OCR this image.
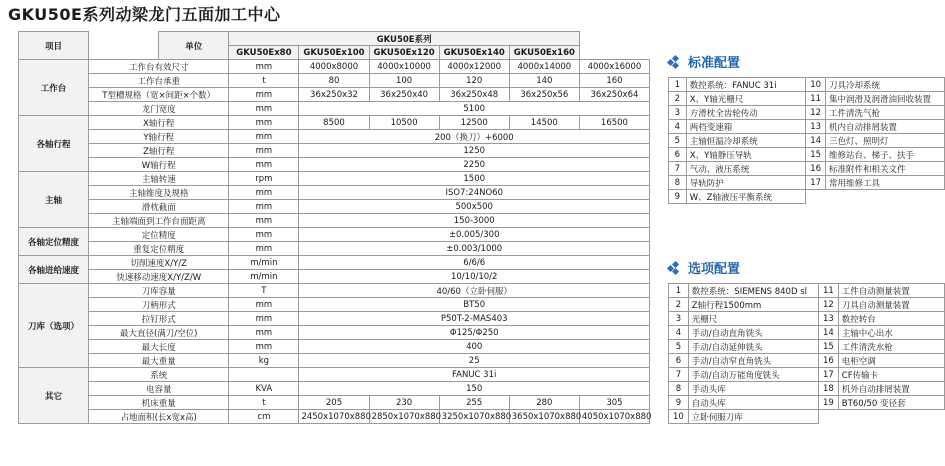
GKU50E系列动梁龙门五面加工中心
项目		单位	GKU50E系列					
			GKU50Ex80	GKU50Ex100	GKU50Ex120	GKU50Ex140	GKU50Ex160	
工作台	工作台有效尺寸		mm	4000x8000	4000x10000	4000x12000	4000x14000	4000x16000
	工作台承重		t	80	100	120	140	160
	T型槽规格（宽×间距×个数）		mm	36x250x32	36x250x40	36x250x48	36x250x56	36x250x64
	龙门宽度		mm	5100				
各轴行程	X轴行程		mm	8500	10500	12500	14500	16500
	Y轴行程		mm	200（换刀）+6000				
	Z轴行程		mm	1250				
	W轴行程		mm	2250				
主轴	主轴转速		rpm	1500				
	主轴锥度及规格		mm	ISO7:24NO60				
	滑枕截面		mm	500x500				
	主轴端面到工作台面距离		mm	150-3000				
各轴定位精度	定位精度		mm	±0.005/300				
	重复定位精度		mm	±0.003/1000				
各轴进给速度	切削速度X/Y/Z		m/min	6/6/6				
	快速移动速度X/Y/Z/W		m/min	10/10/10/2				
刀库（选项）	刀库容量		T	40/60（立卧伺服）				
	刀柄形式		mm	BT50				
	拉钉形式		mm	P50T-2-MAS403				
	最大直径(满刀/空位)		mm	Φ125/Φ250				
	最大长度		mm	400				
	最大重量		kg	25				
其它	系统			FANUC 31i				
	电容量		KVA	150				
	机床重量		t	205	230	255	280	305
	占地面积(长x宽x高)		cm	2450x1070x880	2850x1070x880	3250x1070x880	3650x1070x880	4050x1070x880
标准配置
1	数控系统：FANUC 31i	10	刀具冷却系统
2	X、Y轴光栅尺	11	集中润滑及润滑油回收装置
3	方滑枕全齿轮传动	12	工件清洗气枪
4	两档变速箱	13	机内自动排屑装置
5	主轴恒温冷却系统	14	三色灯、照明灯
6	X、Y轴静压导轨	15	维修站台、梯子、扶手
7	气动、液压系统	16	标准附件和相关文件
8	导轨防护	17	常用维修工具
9	W、Z轴液压平衡系统		
选项配置
1	数控系统：SIEMENS 840D sl	11	工件自动测量装置
2	Z轴行程1500mm	12	刀具自动测量装置
3	光栅尺	13	数控转台
4	手动/自动直角铣头	14	主轴中心出水
5	手动/自动延伸铣头	15	工件清洗水枪
6	手动/自动窄直角铣头	16	电柜空调
7	手动/自动万能角度铣头	17	CF传输卡
8	手动头库	18	机外自动排屑装置
9	自动头库	19	BT60/50 变径套
10	立卧伺服刀库		
